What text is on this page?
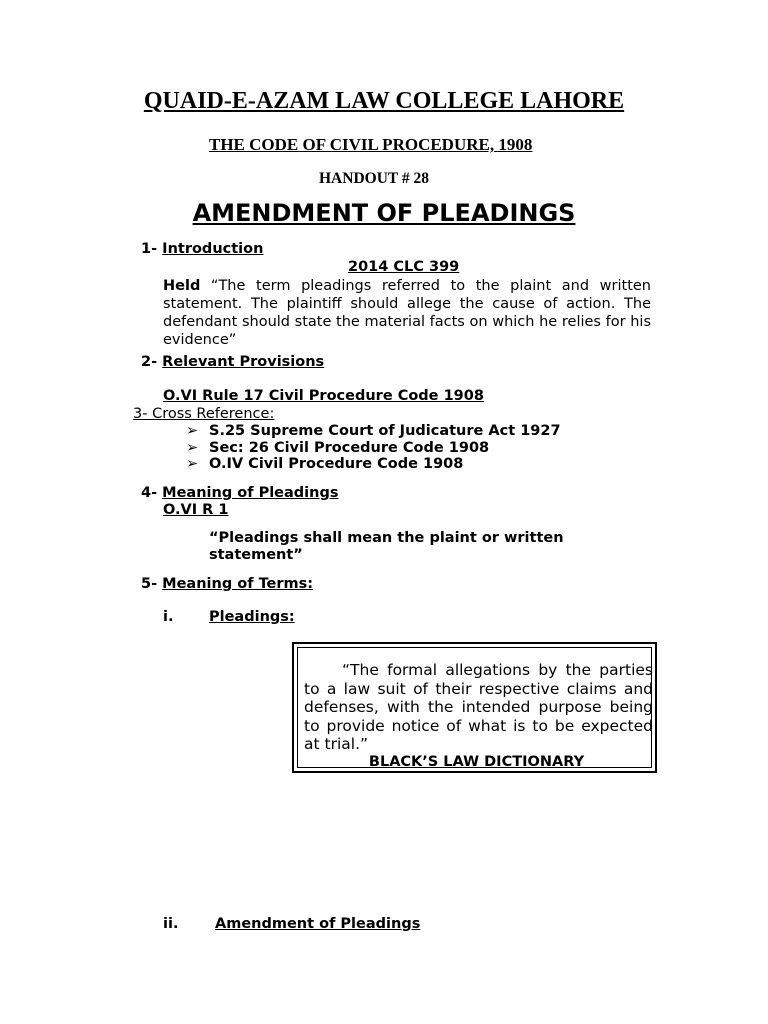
QUAID-E-AZAM LAW COLLEGE LAHORE
THE CODE OF CIVIL PROCEDURE, 1908
HANDOUT # 28
AMENDMENT OF PLEADINGS
1- Introduction
2014 CLC 399
Held “The term pleadings referred to the plaint and written statement. The plaintiff should allege the cause of action. The defendant should state the material facts on which he relies for his evidence”
2- Relevant Provisions
O.VI Rule 17 Civil Procedure Code 1908
3- Cross Reference:
➢ S.25 Supreme Court of Judicature Act 1927
➢ Sec: 26 Civil Procedure Code 1908
➢ O.IV Civil Procedure Code 1908
4- Meaning of Pleadings
O.VI R 1
“Pleadings shall mean the plaint or written
statement”
5- Meaning of Terms:
i. Pleadings:
“The formal allegations by the parties to a law suit of their respective claims and defenses, with the intended purpose being to provide notice of what is to be expected at trial.”
BLACK’S LAW DICTIONARY
ii.	Amendment of Pleadings
